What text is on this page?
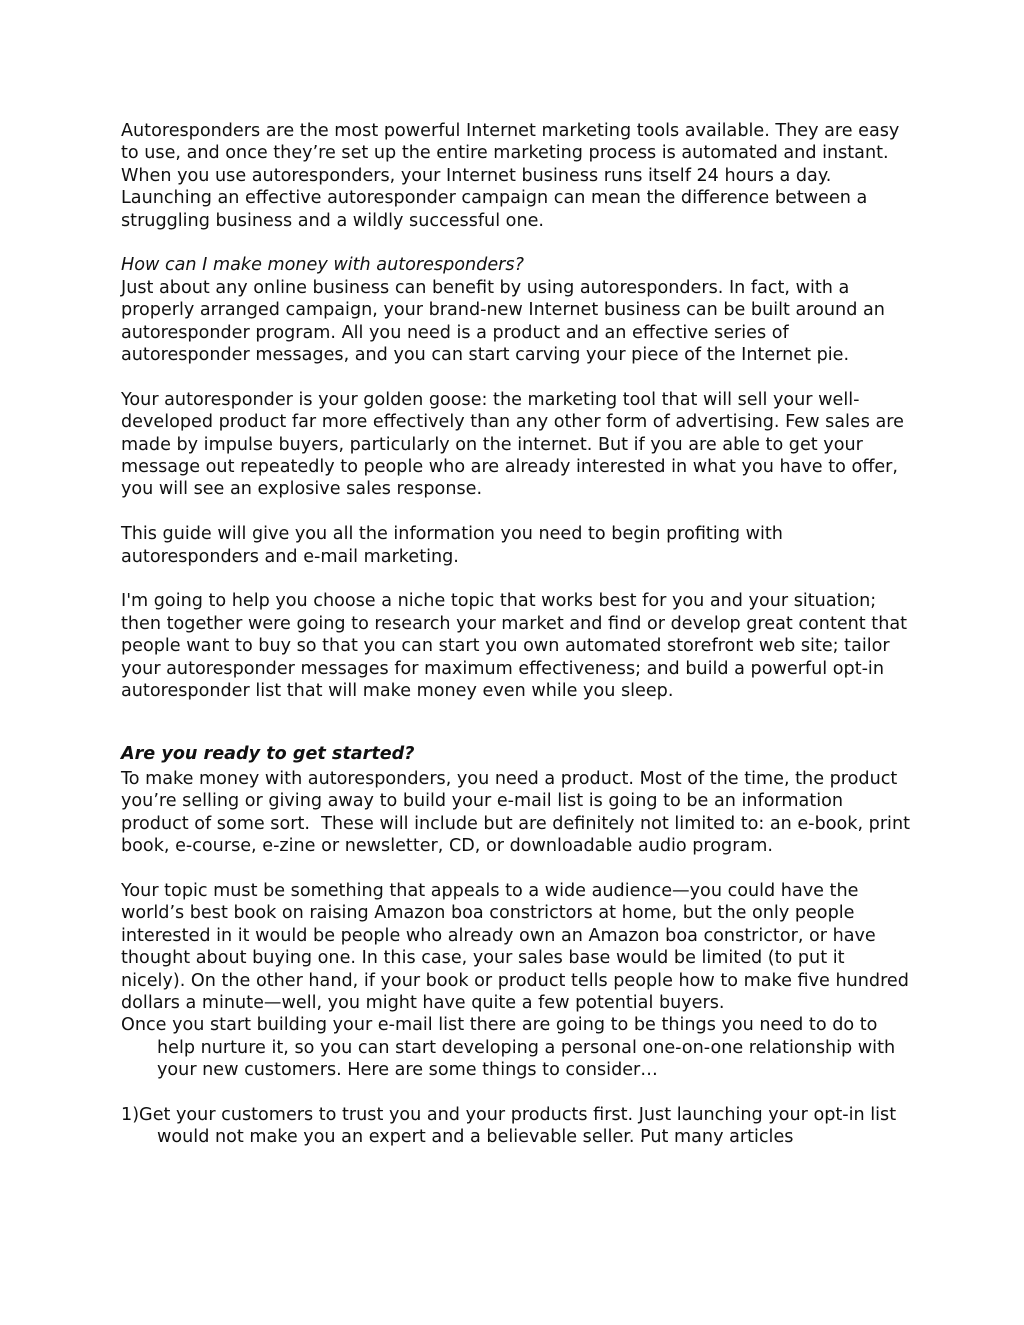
Autoresponders are the most powerful Internet marketing tools available. They are easy to use, and once they’re set up the entire marketing process is automated and instant. When you use autoresponders, your Internet business runs itself 24 hours a day. Launching an effective autoresponder campaign can mean the difference between a struggling business and a wildly successful one.

How can I make money with autoresponders?

Just about any online business can benefit by using autoresponders. In fact, with a properly arranged campaign, your brand-new Internet business can be built around an autoresponder program. All you need is a product and an effective series of autoresponder messages, and you can start carving your piece of the Internet pie.

Your autoresponder is your golden goose: the marketing tool that will sell your well-developed product far more effectively than any other form of advertising. Few sales are made by impulse buyers, particularly on the internet. But if you are able to get your message out repeatedly to people who are already interested in what you have to offer, you will see an explosive sales response.

This guide will give you all the information you need to begin profiting with autoresponders and e-mail marketing.

I'm going to help you choose a niche topic that works best for you and your situation; then together were going to research your market and find or develop great content that people want to buy so that you can start you own automated storefront web site; tailor your autoresponder messages for maximum effectiveness; and build a powerful opt-in autoresponder list that will make money even while you sleep.

Are you ready to get started?

To make money with autoresponders, you need a product. Most of the time, the product you’re selling or giving away to build your e-mail list is going to be an information product of some sort.  These will include but are definitely not limited to: an e-book, print book, e-course, e-zine or newsletter, CD, or downloadable audio program.

Your topic must be something that appeals to a wide audience—you could have the world’s best book on raising Amazon boa constrictors at home, but the only people interested in it would be people who already own an Amazon boa constrictor, or have thought about buying one. In this case, your sales base would be limited (to put it nicely). On the other hand, if your book or product tells people how to make five hundred dollars a minute—well, you might have quite a few potential buyers.

Once you start building your e-mail list there are going to be things you need to do to help nurture it, so you can start developing a personal one-on-one relationship with your new customers. Here are some things to consider…

1)Get your customers to trust you and your products first. Just launching your opt-in list would not make you an expert and a believable seller. Put many articles
